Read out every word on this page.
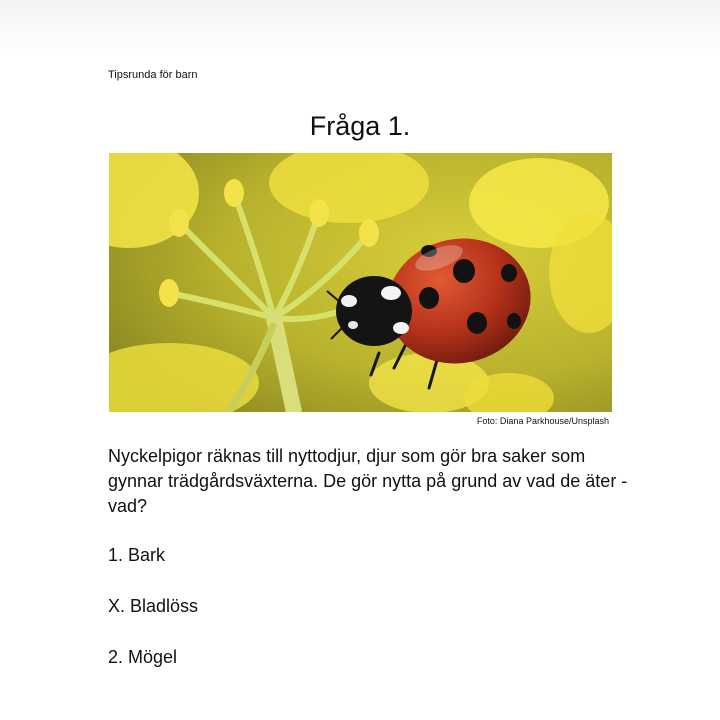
Tipsrunda för barn
Fråga 1.
Foto: Diana Parkhouse/Unsplash
Nyckelpigor räknas till nyttodjur, djur som gör bra saker som gynnar trädgårdsväxterna. De gör nytta på grund av vad de äter - vad?
1. Bark
X. Bladlöss
2. Mögel
